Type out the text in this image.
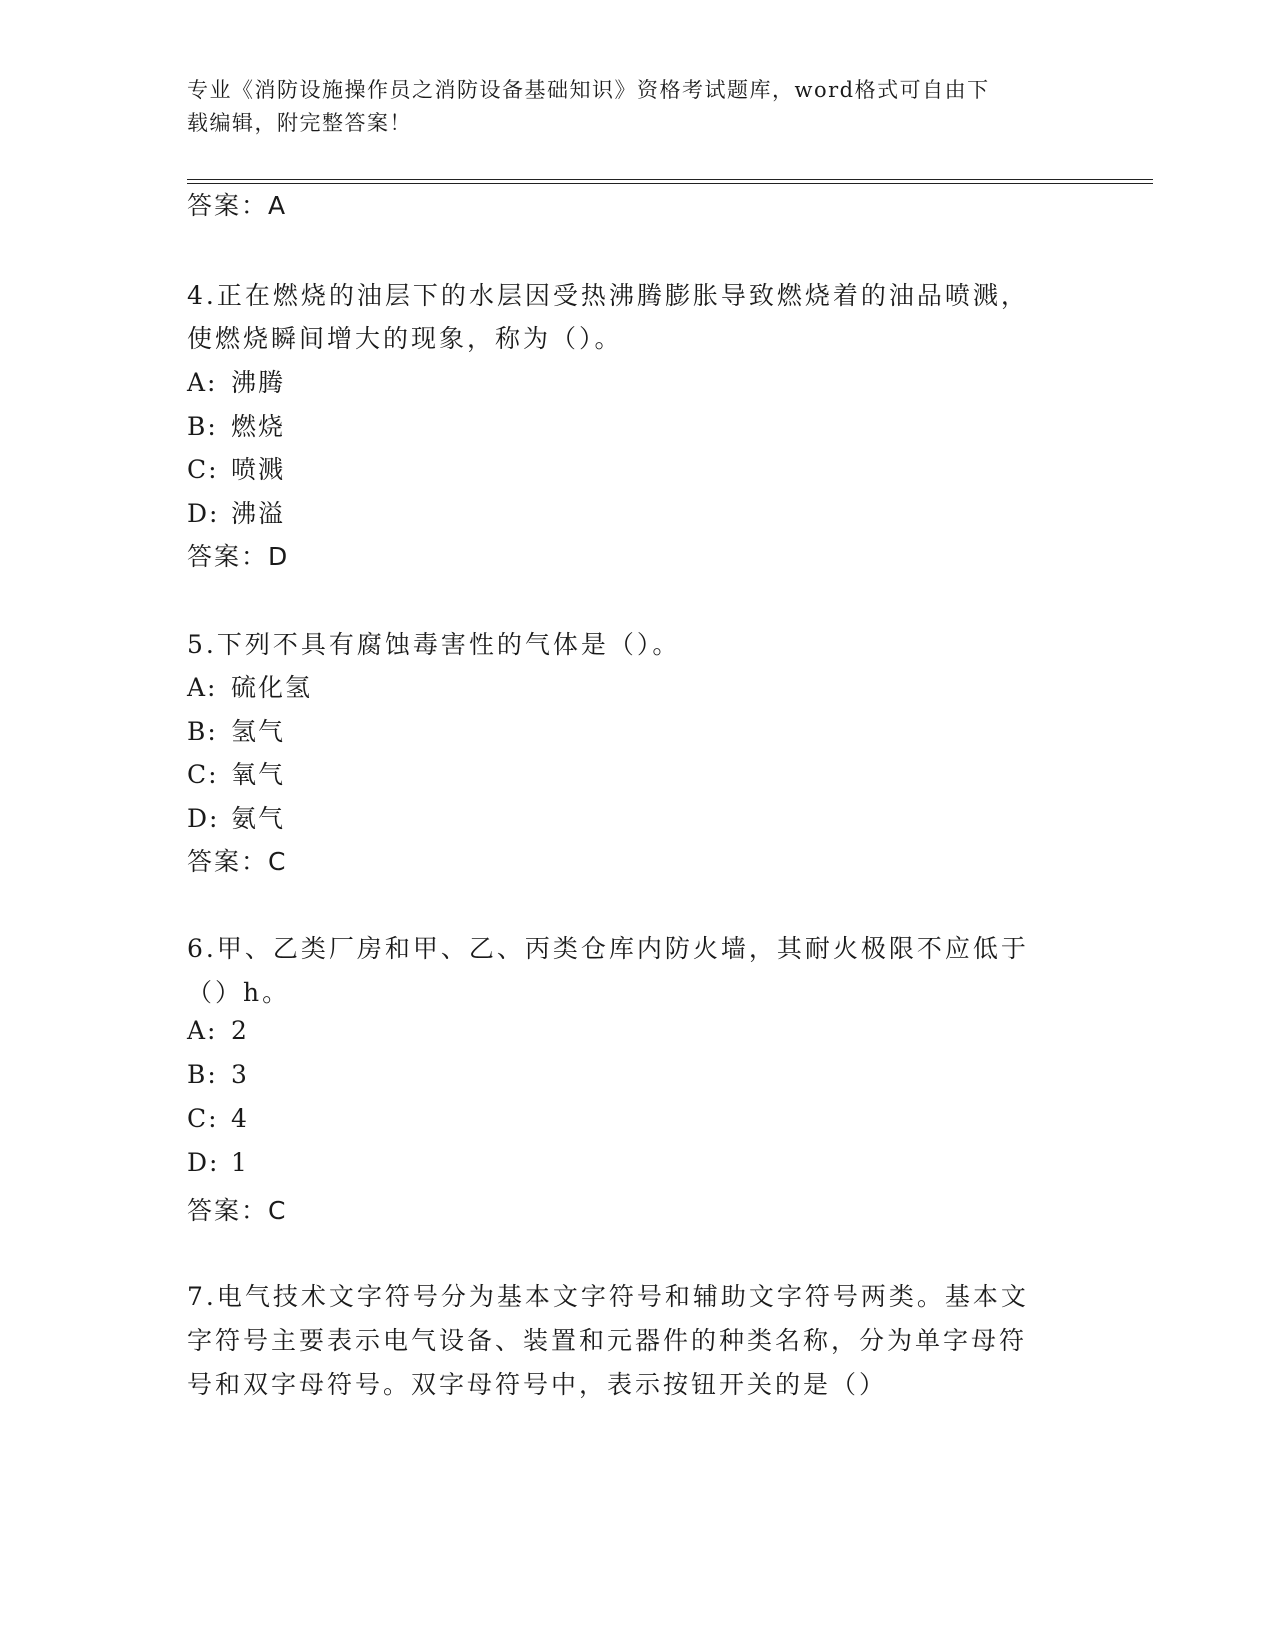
专业《消防设施操作员之消防设备基础知识》资格考试题库，word格式可自由下
载编辑，附完整答案！
答案：A
4.正在燃烧的油层下的水层因受热沸腾膨胀导致燃烧着的油品喷溅，
使燃烧瞬间增大的现象，称为（）。
A: 沸腾
B: 燃烧
C: 喷溅
D: 沸溢
答案：D
5.下列不具有腐蚀毒害性的气体是（）。
A: 硫化氢
B: 氢气
C: 氧气
D: 氨气
答案：C
6.甲、乙类厂房和甲、乙、丙类仓库内防火墙，其耐火极限不应低于
（）h。
A: 2
B: 3
C: 4
D: 1
答案：C
7.电气技术文字符号分为基本文字符号和辅助文字符号两类。基本文
字符号主要表示电气设备、装置和元器件的种类名称，分为单字母符
号和双字母符号。双字母符号中，表示按钮开关的是（）
